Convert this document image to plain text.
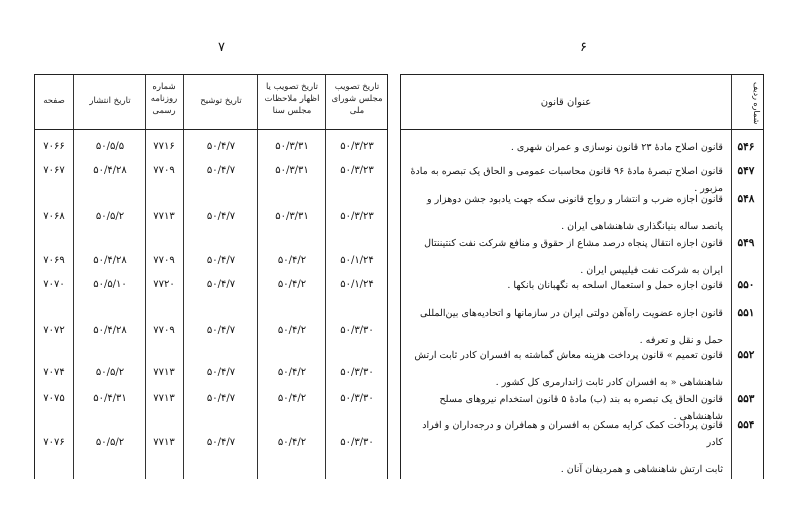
۷	۶
صفحه	تاریخ انتشار
شماره روزنامه رسمی
تاریخ توشیح
تاریخ تصویب یا اظهار ملاحظات مجلس سنا
تاریخ تصویب مجلس شورای ملی
۷۰۶۶	۵۰/۵/۵	۷۷۱۶	۵۰/۴/۷	۵۰/۳/۳۱	۵۰/۳/۲۳
۷۰۶۷	۵۰/۴/۲۸	۷۷۰۹	۵۰/۴/۷	۵۰/۳/۳۱	۵۰/۳/۲۳
۷۰۶۸	۵۰/۵/۲	۷۷۱۳	۵۰/۴/۷	۵۰/۳/۳۱	۵۰/۳/۲۳
۷۰۶۹	۵۰/۴/۲۸	۷۷۰۹	۵۰/۴/۷	۵۰/۴/۲	۵۰/۱/۲۴
۷۰۷۰	۵۰/۵/۱۰	۷۷۲۰	۵۰/۴/۷	۵۰/۴/۲	۵۰/۱/۲۴
۷۰۷۲	۵۰/۴/۲۸	۷۷۰۹	۵۰/۴/۷	۵۰/۴/۲	۵۰/۳/۳۰
۷۰۷۴	۵۰/۵/۲	۷۷۱۳	۵۰/۴/۷	۵۰/۴/۲	۵۰/۳/۳۰
۷۰۷۵	۵۰/۴/۳۱	۷۷۱۳	۵۰/۴/۷	۵۰/۴/۲	۵۰/۳/۳۰
۷۰۷۶	۵۰/۵/۲	۷۷۱۳	۵۰/۴/۷	۵۰/۴/۲	۵۰/۳/۳۰
عنوان قانون	شماره ردیف
۵۴۶
قانون اصلاح مادهٔ ۲۳ قانون نوسازی و عمران شهری .
۵۴۷
قانون اصلاح تبصرهٔ مادهٔ ۹۶ قانون محاسبات عمومی و الحاق یک تبصره به مادهٔ مزبور .
۵۴۸
قانون اجازه ضرب و انتشار و رواج قانونی سکه جهت یادبود جشن دوهزار و
پانصد ساله بنیانگذاری شاهنشاهی ایران .
۵۴۹
قانون اجازه انتقال پنجاه درصد مشاع از حقوق و منافع شرکت نفت کنتیننتال
ایران به شرکت نفت فیلیپس ایران .
۵۵۰
قانون اجازه حمل و استعمال اسلحه به نگهبانان بانکها .
۵۵۱
قانون اجازه عضویت راه‌آهن دولتی ایران در سازمانها و اتحادیه‌های بین‌المللی
حمل و نقل و تعرفه .
۵۵۲
قانون تعمیم » قانون پرداخت هزینه معاش گماشته به افسران کادر ثابت ارتش
شاهنشاهی « به افسران کادر ثابت ژاندارمری کل کشور .
۵۵۳
قانون الحاق یک تبصره به بند (ب) مادهٔ ۵ قانون استخدام نیروهای مسلح شاهنشاهی .
۵۵۴
قانون پرداخت کمک کرایه مسکن به افسران و همافران و درجه‌داران و افراد کادر
ثابت ارتش شاهنشاهی و همردیفان آنان .
